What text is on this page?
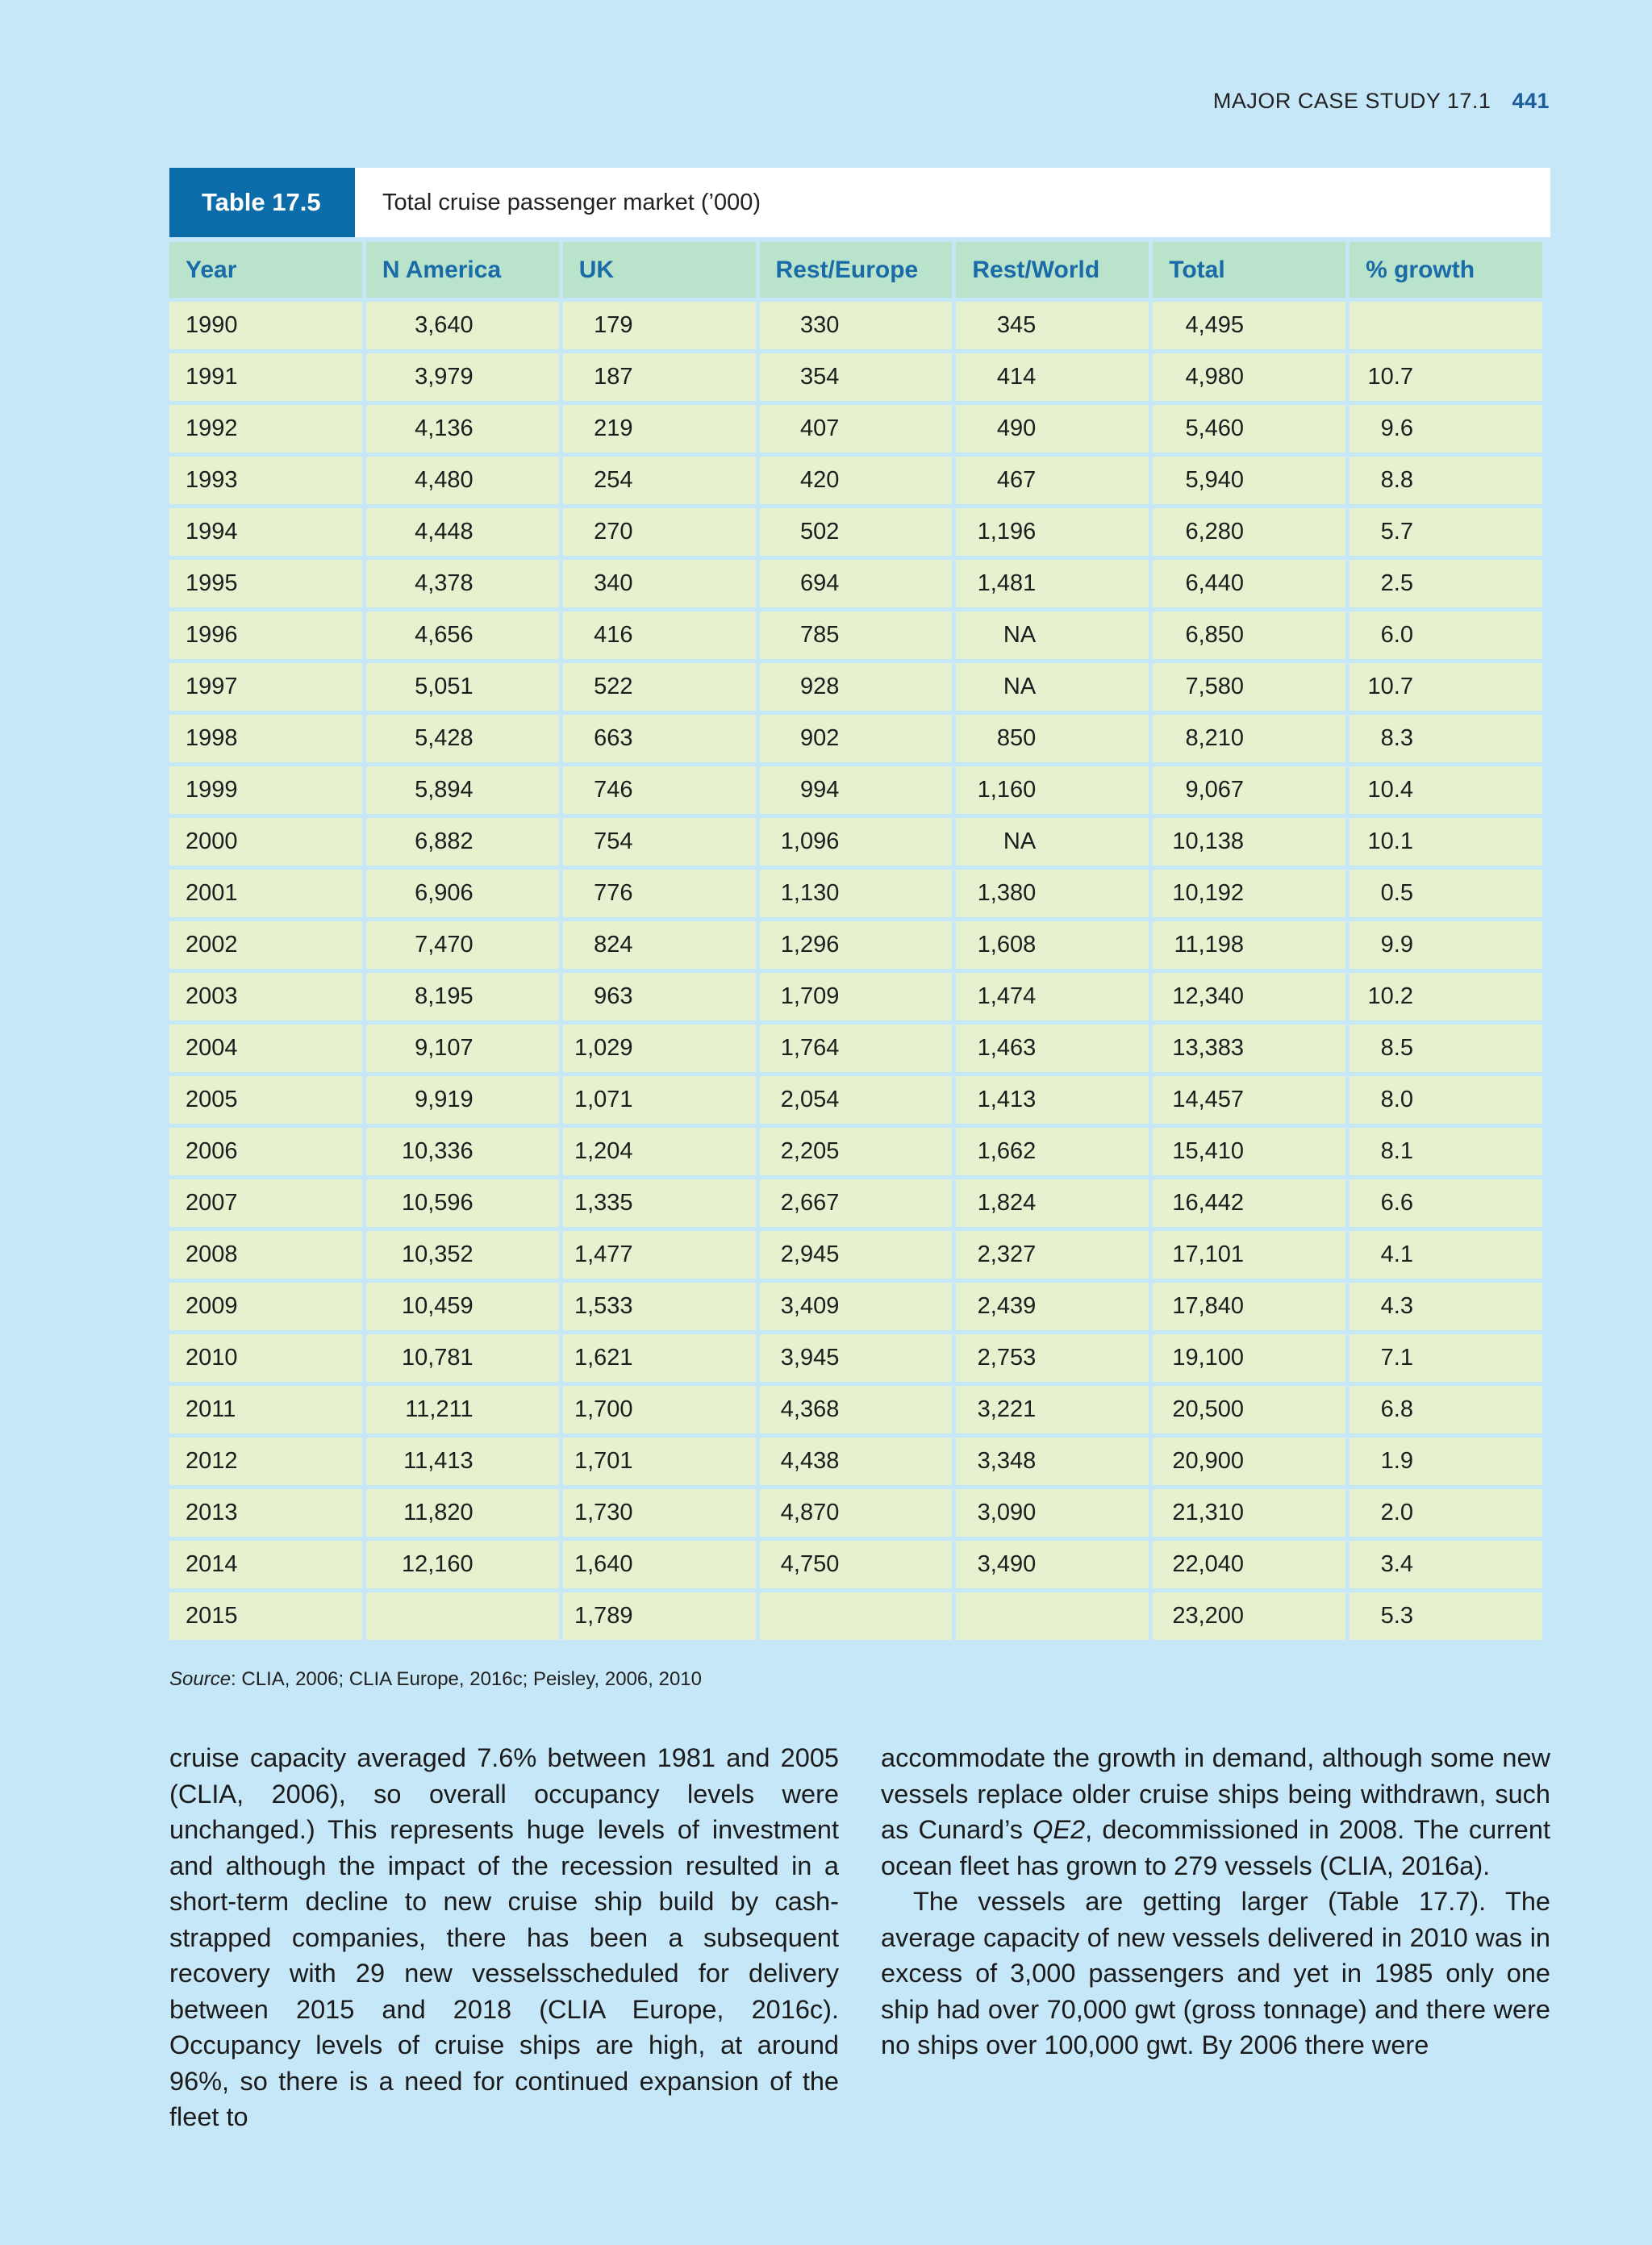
MAJOR CASE STUDY 17.1 441
Table 17.5	Total cruise passenger market (’000)
Year	N America	UK	Rest/Europe	Rest/World	Total	% growth
1990	3,640	179	330	345	4,495	
1991	3,979	187	354	414	4,980	10.7
1992	4,136	219	407	490	5,460	9.6
1993	4,480	254	420	467	5,940	8.8
1994	4,448	270	502	1,196	6,280	5.7
1995	4,378	340	694	1,481	6,440	2.5
1996	4,656	416	785	NA	6,850	6.0
1997	5,051	522	928	NA	7,580	10.7
1998	5,428	663	902	850	8,210	8.3
1999	5,894	746	994	1,160	9,067	10.4
2000	6,882	754	1,096	NA	10,138	10.1
2001	6,906	776	1,130	1,380	10,192	0.5
2002	7,470	824	1,296	1,608	11,198	9.9
2003	8,195	963	1,709	1,474	12,340	10.2
2004	9,107	1,029	1,764	1,463	13,383	8.5
2005	9,919	1,071	2,054	1,413	14,457	8.0
2006	10,336	1,204	2,205	1,662	15,410	8.1
2007	10,596	1,335	2,667	1,824	16,442	6.6
2008	10,352	1,477	2,945	2,327	17,101	4.1
2009	10,459	1,533	3,409	2,439	17,840	4.3
2010	10,781	1,621	3,945	2,753	19,100	7.1
2011	11,211	1,700	4,368	3,221	20,500	6.8
2012	11,413	1,701	4,438	3,348	20,900	1.9
2013	11,820	1,730	4,870	3,090	21,310	2.0
2014	12,160	1,640	4,750	3,490	22,040	3.4
2015		1,789			23,200	5.3
Source: CLIA, 2006; CLIA Europe, 2016c; Peisley, 2006, 2010

cruise capacity averaged 7.6% between 1981 and 2005 (CLIA, 2006), so overall occupancy levels were unchanged.) This represents huge levels of investment and although the impact of the recession resulted in a short-term decline to new cruise ship build by cash-strapped companies, there has been a subsequent recovery with 29 new vesselsscheduled for delivery between 2015 and 2018 (CLIA Europe, 2016c). Occupancy levels of cruise ships are high, at around 96%, so there is a need for continued expansion of the fleet to

accommodate the growth in demand, although some new vessels replace older cruise ships being withdrawn, such as Cunard’s QE2, decommissioned in 2008. The current ocean fleet has grown to 279 vessels (CLIA, 2016a).

The vessels are getting larger (Table 17.7). The average capacity of new vessels delivered in 2010 was in excess of 3,000 passengers and yet in 1985 only one ship had over 70,000 gwt (gross tonnage) and there were no ships over 100,000 gwt. By 2006 there were
